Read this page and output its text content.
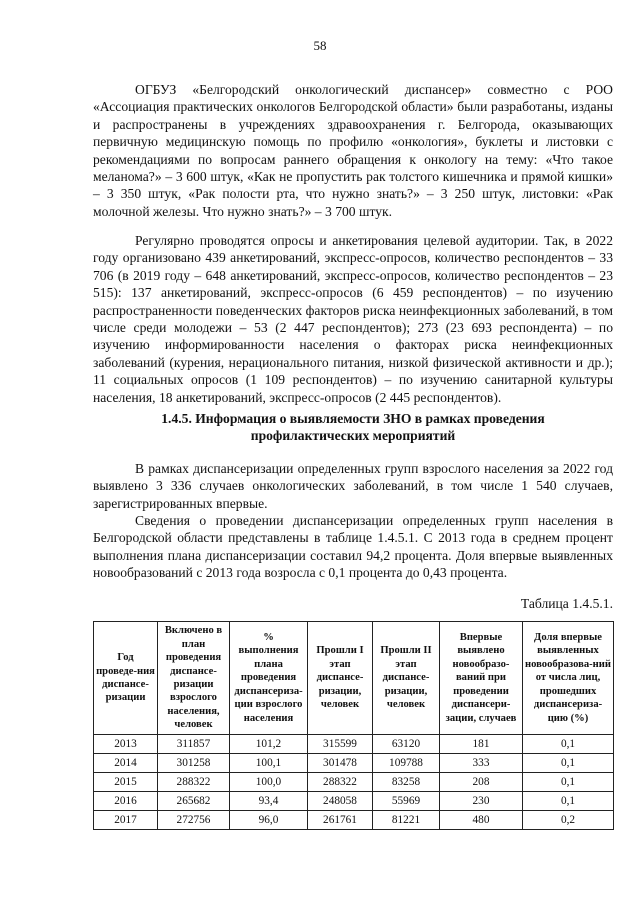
58

ОГБУЗ «Белгородский онкологический диспансер» совместно с РОО «Ассоциация практических онкологов Белгородской области» были разработаны, изданы и распространены в учреждениях здравоохранения г. Белгорода, оказывающих первичную медицинскую помощь по профилю «онкология», буклеты и листовки с рекомендациями по вопросам раннего обращения к онкологу на тему: «Что такое меланома?» – 3 600 штук, «Как не пропустить рак толстого кишечника и прямой кишки» – 3 350 штук, «Рак полости рта, что нужно знать?» – 3 250 штук, листовки: «Рак молочной железы. Что нужно знать?» – 3 700 штук.

Регулярно проводятся опросы и анкетирования целевой аудитории. Так, в 2022 году организовано 439 анкетирований, экспресс-опросов, количество респондентов – 33 706 (в 2019 году – 648 анкетирований, экспресс-опросов, количество респондентов – 23 515): 137 анкетирований, экспресс-опросов (6 459 респондентов) – по изучению распространенности поведенческих факторов риска неинфекционных заболеваний, в том числе среди молодежи – 53 (2 447 респондентов); 273 (23 693 респондента) – по изучению информированности населения о факторах риска неинфекционных заболеваний (курения, нерационального питания, низкой физической активности и др.); 11 социальных опросов (1 109 респондентов) – по изучению санитарной культуры населения, 18 анкетирований, экспресс-опросов (2 445 респондентов).

1.4.5. Информация о выявляемости ЗНО в рамках проведения
профилактических мероприятий

В рамках диспансеризации определенных групп взрослого населения за 2022 год выявлено 3 336 случаев онкологических заболеваний, в том числе 1 540 случаев, зарегистрированных впервые.

Сведения о проведении диспансеризации определенных групп населения в Белгородской области представлены в таблице 1.4.5.1. С 2013 года в среднем процент выполнения плана диспансеризации составил 94,2 процента. Доля впервые выявленных новообразований с 2013 года возросла с 0,1 процента до 0,43 процента.

Таблица 1.4.5.1.
Год проведе-ния диспансе-ризации	Включено в план проведения диспансе-ризации взрослого населения, человек	% выполнения плана проведения диспансериза-ции взрослого населения	Прошли I этап диспансе-ризации, человек	Прошли II этап диспансе-ризации, человек	Впервые выявлено новообразо-ваний при проведении диспансери-зации, случаев	Доля впервые выявленных новообразова-ний от числа лиц, прошедших диспансериза-цию (%)
2013	311857	101,2	315599	63120	181	0,1
2014	301258	100,1	301478	109788	333	0,1
2015	288322	100,0	288322	83258	208	0,1
2016	265682	93,4	248058	55969	230	0,1
2017	272756	96,0	261761	81221	480	0,2
